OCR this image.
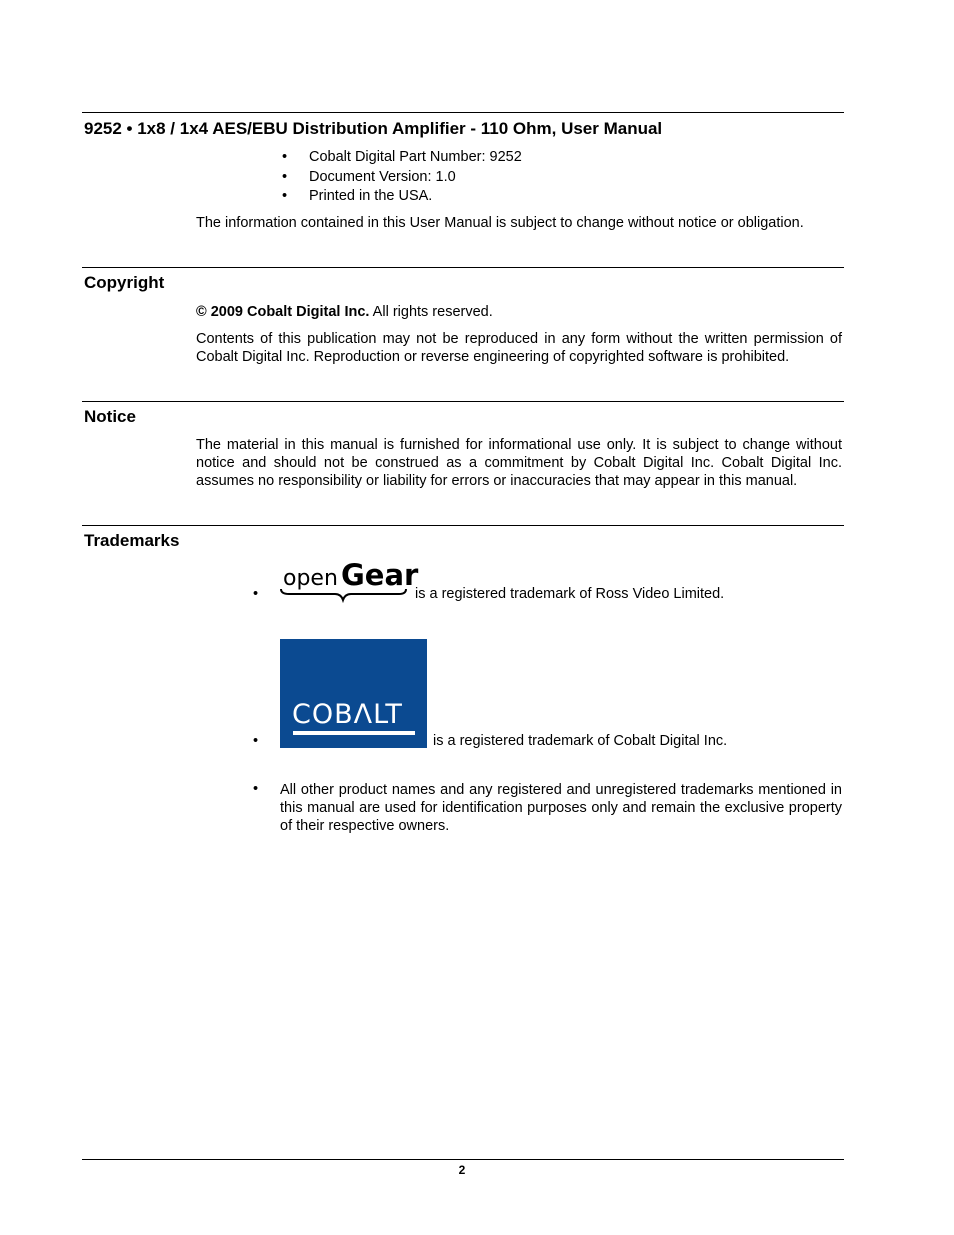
9252 • 1x8 / 1x4 AES/EBU Distribution Amplifier - 110 Ohm, User Manual
• Cobalt Digital Part Number: 9252
• Document Version: 1.0
• Printed in the USA.

The information contained in this User Manual is subject to change without notice or obligation.

Copyright

© 2009 Cobalt Digital Inc. All rights reserved.

Contents of this publication may not be reproduced in any form without the written permission of Cobalt Digital Inc. Reproduction or reverse engineering of copyrighted software is prohibited.

Notice

The material in this manual is furnished for informational use only. It is subject to change without notice and should not be construed as a commitment by Cobalt Digital Inc. Cobalt Digital Inc. assumes no responsibility or liability for errors or inaccuracies that may appear in this manual.

Trademarks
•
open Gear
is a registered trademark of Ross Video Limited.
•
COBΛLT
is a registered trademark of Cobalt Digital Inc.
• All other product names and any registered and unregistered trademarks mentioned in this manual are used for identification purposes only and remain the exclusive property of their respective owners.

2
